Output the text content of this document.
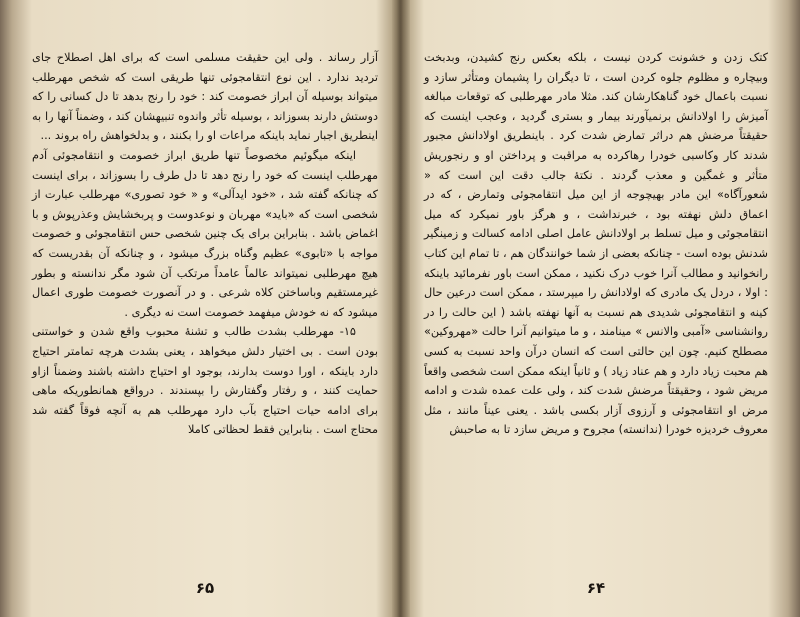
آزار رساند . ولی این حقیقت مسلمی است که برای اهل اصطلاح جای تردید ندارد . این نوع انتقامجوئی تنها طریقی است که شخص مهرطلب میتواند بوسیله آن ابراز خصومت کند : خود را رنج بدهد تا دل کسانی را که دوستش دارند بسوزاند ، بوسیله تأثر واندوه تنبیهشان کند ، وضمناً آنها را به اینطریق اجبار نماید باینکه مراعات او را بکنند ، و بدلخواهش راه بروند ...

اینکه میگوئیم مخصوصاً تنها طریق ابراز خصومت و انتقامجوئی آدم مهرطلب اینست که خود را رنج دهد تا دل طرف را بسوزاند ، برای اینست که چنانکه گفته شد ، «خود ایدآلی» و « خود تصوری» مهرطلب عبارت از شخصی است که «باید» مهربان و نوعدوست و پربخشایش وعذرپوش و با اغماض باشد . بنابراین برای یک چنین شخصی حس انتقامجوئی و خصومت مواجه با «تابوی» عظیم وگناه بزرگ میشود ، و چنانکه آن بقدریست که هیچ مهرطلبی نمیتواند عالماً عامداً مرتکب آن شود مگر ندانسته و بطور غیرمستقیم وباساختن کلاه شرعی . و در آنصورت خصومت طوری اعمال میشود که نه خودش میفهمد خصومت است نه دیگری .

۱۵- مهرطلب بشدت طالب و تشنهٔ محبوب واقع شدن و خواستنی بودن است . بی اختیار دلش میخواهد ، یعنی بشدت هرچه تمامتر احتیاج دارد باینکه ، اورا دوست بدارند، بوجود او احتیاج داشته باشند وضمناً ازاو حمایت کنند ، و رفتار وگفتارش را بپسندند . درواقع همانطوریکه ماهی برای ادامه حیات احتیاج بآب دارد مهرطلب هم به آنچه فوقاً گفته شد محتاج است . بنابراین فقط لحظاتی کاملا

۶۵

کتک زدن و خشونت کردن نیست ، بلکه بعکس رنج کشیدن، وبدبخت وبیچاره و مظلوم جلوه کردن است ، تا دیگران را پشیمان ومتأثر سازد و نسبت باعمال خود گناهکارشان کند. مثلا مادر مهرطلبی که توقعات مبالغه آمیزش را اولادانش برنمیآورند بیمار و بستری گردید ، وعجب اینست که حقیقتاً مرضش هم دراثر تمارض شدت کرد . باینطریق اولادانش مجبور شدند کار وکاسبی خودرا رهاکرده به مراقبت و پرداختن او و رنجوریش متأثر و غمگین و معذب گردند . نکتهٔ جالب دقت این است که « شعورآگاه» این مادر بهیچوجه از این میل انتقامجوئی وتمارض ، که در اعماق دلش نهفته بود ، خبرنداشت ، و هرگز باور نمیکرد که میل انتقامجوئی و میل تسلط بر اولادانش عامل اصلی ادامه کسالت و زمینگیر شدنش بوده است - چنانکه بعضی از شما خوانندگان هم ، تا تمام این کتاب رانخوانید و مطالب آنرا خوب درک نکنید ، ممکن است باور نفرمائید باینکه : اولا ، دردل یک مادری که اولادانش را میپرستد ، ممکن است درعین حال کینه و انتقامجوئی شدیدی هم نسبت به آنها نهفته باشد ( این حالت را در روانشناسی «آمبی والانس » مینامند ، و ما میتوانیم آنرا حالت «مهروکین» مصطلح کنیم. چون این حالتی است که انسان درآن واحد نسبت به کسی هم محبت زیاد دارد و هم عناد زیاد ) و ثانیاً اینکه ممکن است شخصی واقعاً مریض شود ، وحقیقتاً مرضش شدت کند ، ولی علت عمده شدت و ادامه مرض او انتقامجوئی و آرزوی آزار بکسی باشد . یعنی عیناً مانند ، مثل معروف خردیزه خودرا (ندانسته) مجروح و مریض سازد تا به صاحبش

۶۴
